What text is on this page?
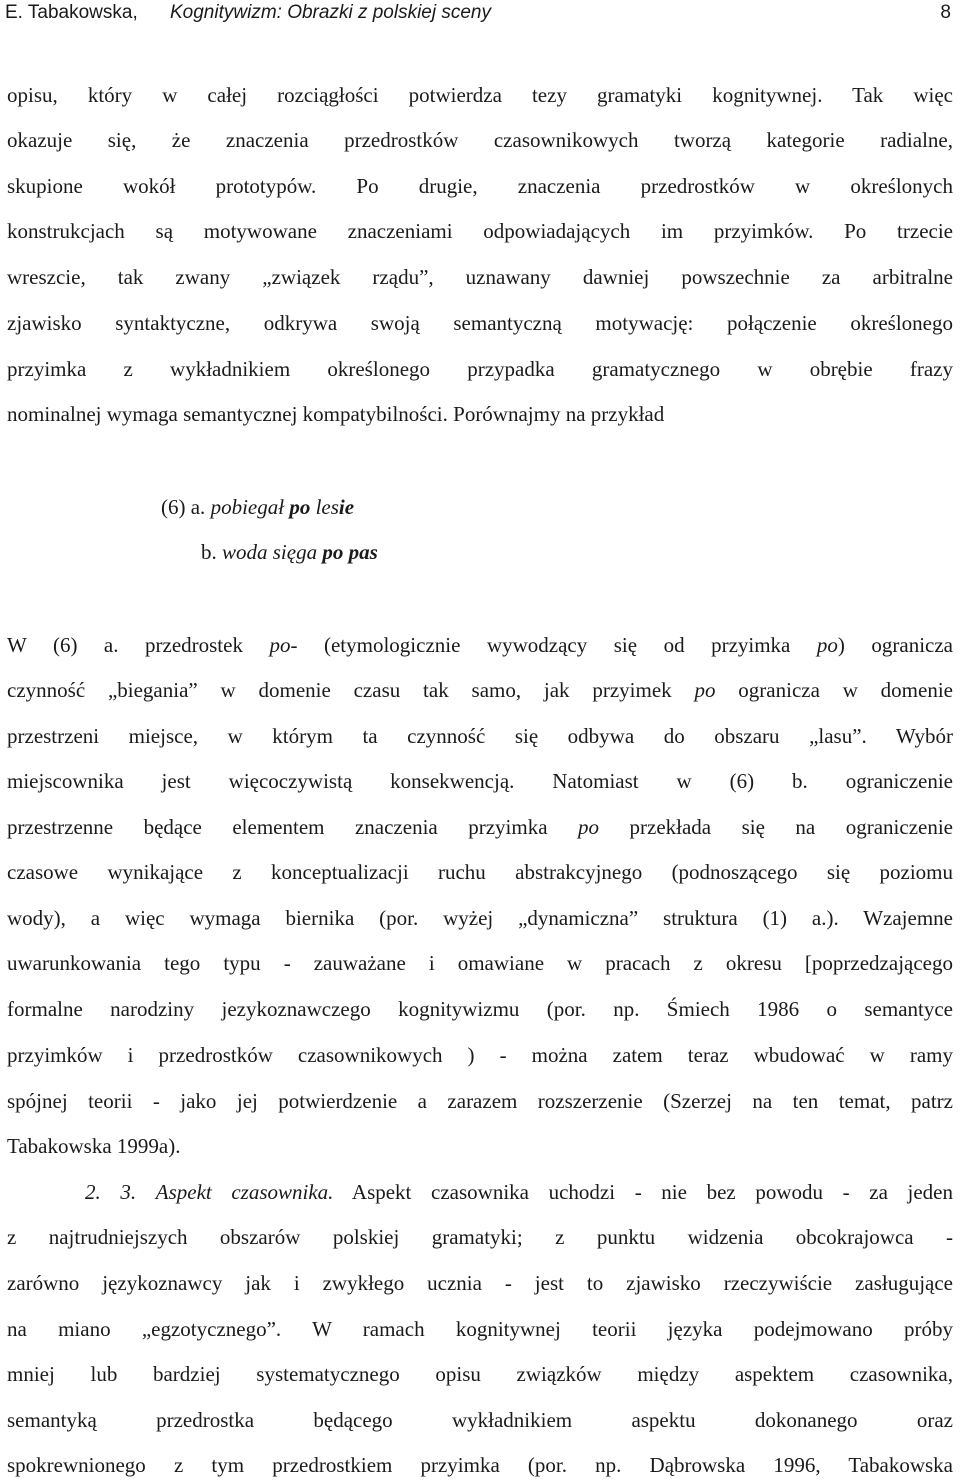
E. Tabakowska, Kognitywizm: Obrazki z polskiej sceny	8
opisu, który w całej rozciągłości potwierdza tezy gramatyki kognitywnej. Tak więc
okazuje się, że znaczenia przedrostków czasownikowych tworzą kategorie radialne,
skupione wokół prototypów. Po drugie, znaczenia przedrostków w określonych
konstrukcjach są motywowane znaczeniami odpowiadających im przyimków. Po trzecie
wreszcie, tak zwany „związek rządu”, uznawany dawniej powszechnie za arbitralne
zjawisko syntaktyczne, odkrywa swoją semantyczną motywację: połączenie określonego
przyimka z wykładnikiem określonego przypadka gramatycznego w obrębie frazy
nominalnej wymaga semantycznej kompatybilności. Porównajmy na przykład
(6) a. pobiegał po lesie
b. woda sięga po pas
W (6) a. przedrostek po- (etymologicznie wywodzący się od przyimka po) ogranicza
czynność „biegania” w domenie czasu tak samo, jak przyimek po ogranicza w domenie
przestrzeni miejsce, w którym ta czynność się odbywa do obszaru „lasu”. Wybór
miejscownika jest więcoczywistą konsekwencją. Natomiast w (6) b. ograniczenie
przestrzenne będące elementem znaczenia przyimka po przekłada się na ograniczenie
czasowe wynikające z konceptualizacji ruchu abstrakcyjnego (podnoszącego się poziomu
wody), a więc wymaga biernika (por. wyżej „dynamiczna” struktura (1) a.). Wzajemne
uwarunkowania tego typu - zauważane i omawiane w pracach z okresu [poprzedzającego
formalne narodziny jezykoznawczego kognitywizmu (por. np. Śmiech 1986 o semantyce
przyimków i przedrostków czasownikowych ) - można zatem teraz wbudować w ramy
spójnej teorii - jako jej potwierdzenie a zarazem rozszerzenie (Szerzej na ten temat, patrz
Tabakowska 1999a).
2. 3. Aspekt czasownika. Aspekt czasownika uchodzi - nie bez powodu - za jeden
z najtrudniejszych obszarów polskiej gramatyki; z punktu widzenia obcokrajowca -
zarówno językoznawcy jak i zwykłego ucznia - jest to zjawisko rzeczywiście zasługujące
na miano „egzotycznego”. W ramach kognitywnej teorii języka podejmowano próby
mniej lub bardziej systematycznego opisu związków między aspektem czasownika,
semantyką przedrostka będącego wykładnikiem aspektu dokonanego oraz
spokrewnionego z tym przedrostkiem przyimka (por. np. Dąbrowska 1996, Tabakowska
